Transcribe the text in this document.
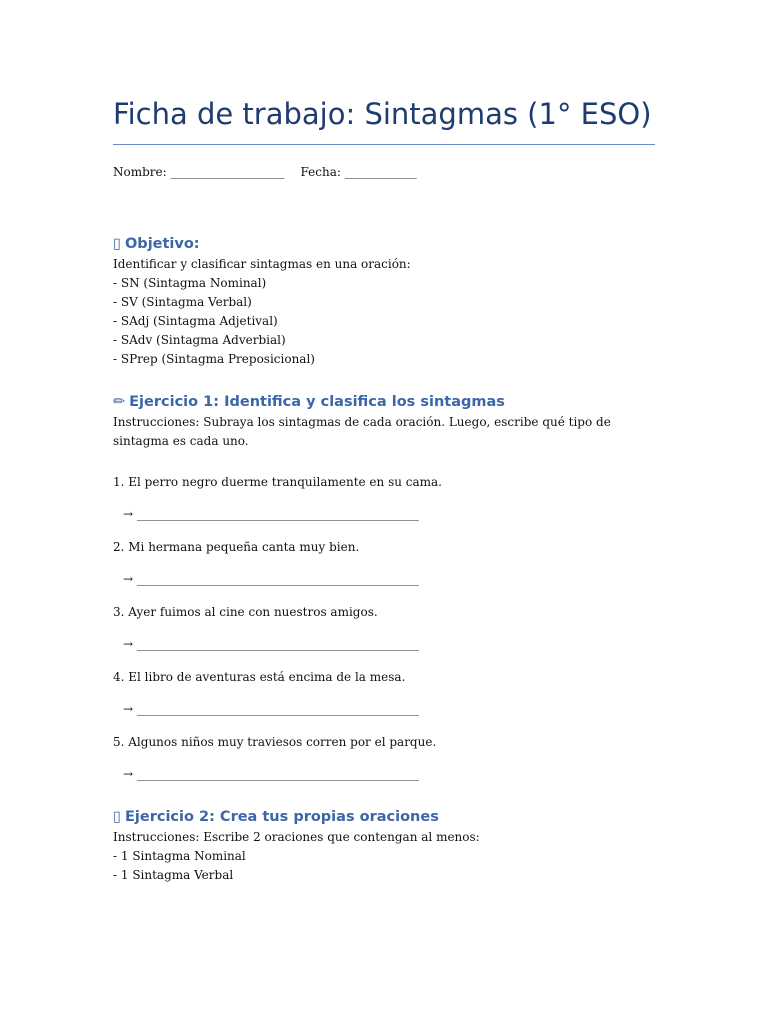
Ficha de trabajo: Sintagmas (1° ESO)
Nombre: ___________________ Fecha: ____________
▯ Objetivo:

Identificar y clasificar sintagmas en una oración:

- SN (Sintagma Nominal)

- SV (Sintagma Verbal)

- SAdj (Sintagma Adjetival)

- SAdv (Sintagma Adverbial)

- SPrep (Sintagma Preposicional)

✏ Ejercicio 1: Identifica y clasifica los sintagmas

Instrucciones: Subraya los sintagmas de cada oración. Luego, escribe qué tipo de sintagma es cada uno.

1. El perro negro duerme tranquilamente en su cama.

→ _______________________________________________

2. Mi hermana pequeña canta muy bien.

→ _______________________________________________

3. Ayer fuimos al cine con nuestros amigos.

→ _______________________________________________

4. El libro de aventuras está encima de la mesa.

→ _______________________________________________

5. Algunos niños muy traviesos corren por el parque.

→ _______________________________________________

▯ Ejercicio 2: Crea tus propias oraciones

Instrucciones: Escribe 2 oraciones que contengan al menos:

- 1 Sintagma Nominal

- 1 Sintagma Verbal
